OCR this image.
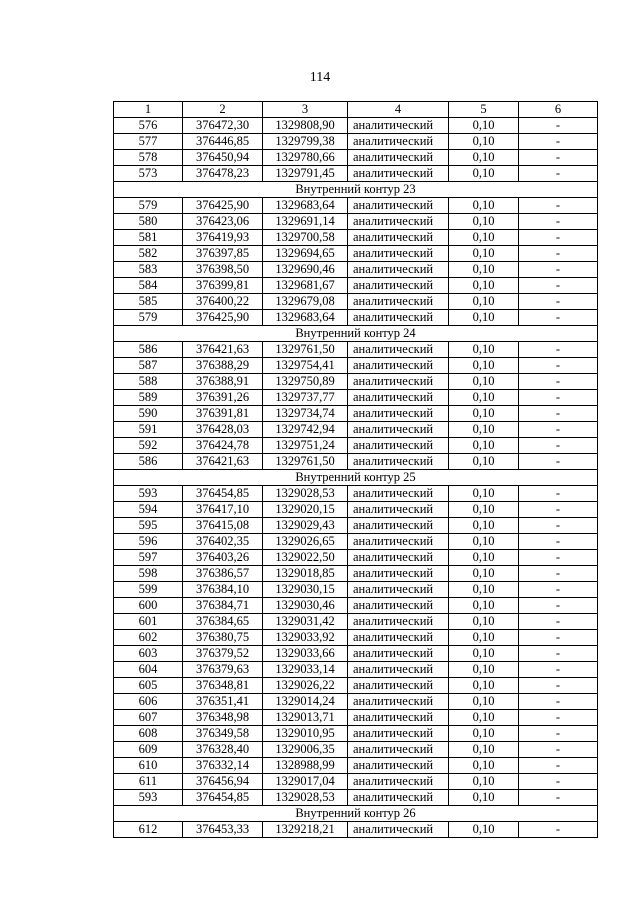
114
1	2	3	4	5	6
576	376472,30	1329808,90	аналитический	0,10	-
577	376446,85	1329799,38	аналитический	0,10	-
578	376450,94	1329780,66	аналитический	0,10	-
573	376478,23	1329791,45	аналитический	0,10	-
Внутренний контур 23					
579	376425,90	1329683,64	аналитический	0,10	-
580	376423,06	1329691,14	аналитический	0,10	-
581	376419,93	1329700,58	аналитический	0,10	-
582	376397,85	1329694,65	аналитический	0,10	-
583	376398,50	1329690,46	аналитический	0,10	-
584	376399,81	1329681,67	аналитический	0,10	-
585	376400,22	1329679,08	аналитический	0,10	-
579	376425,90	1329683,64	аналитический	0,10	-
Внутренний контур 24					
586	376421,63	1329761,50	аналитический	0,10	-
587	376388,29	1329754,41	аналитический	0,10	-
588	376388,91	1329750,89	аналитический	0,10	-
589	376391,26	1329737,77	аналитический	0,10	-
590	376391,81	1329734,74	аналитический	0,10	-
591	376428,03	1329742,94	аналитический	0,10	-
592	376424,78	1329751,24	аналитический	0,10	-
586	376421,63	1329761,50	аналитический	0,10	-
Внутренний контур 25					
593	376454,85	1329028,53	аналитический	0,10	-
594	376417,10	1329020,15	аналитический	0,10	-
595	376415,08	1329029,43	аналитический	0,10	-
596	376402,35	1329026,65	аналитический	0,10	-
597	376403,26	1329022,50	аналитический	0,10	-
598	376386,57	1329018,85	аналитический	0,10	-
599	376384,10	1329030,15	аналитический	0,10	-
600	376384,71	1329030,46	аналитический	0,10	-
601	376384,65	1329031,42	аналитический	0,10	-
602	376380,75	1329033,92	аналитический	0,10	-
603	376379,52	1329033,66	аналитический	0,10	-
604	376379,63	1329033,14	аналитический	0,10	-
605	376348,81	1329026,22	аналитический	0,10	-
606	376351,41	1329014,24	аналитический	0,10	-
607	376348,98	1329013,71	аналитический	0,10	-
608	376349,58	1329010,95	аналитический	0,10	-
609	376328,40	1329006,35	аналитический	0,10	-
610	376332,14	1328988,99	аналитический	0,10	-
611	376456,94	1329017,04	аналитический	0,10	-
593	376454,85	1329028,53	аналитический	0,10	-
Внутренний контур 26					
612	376453,33	1329218,21	аналитический	0,10	-
